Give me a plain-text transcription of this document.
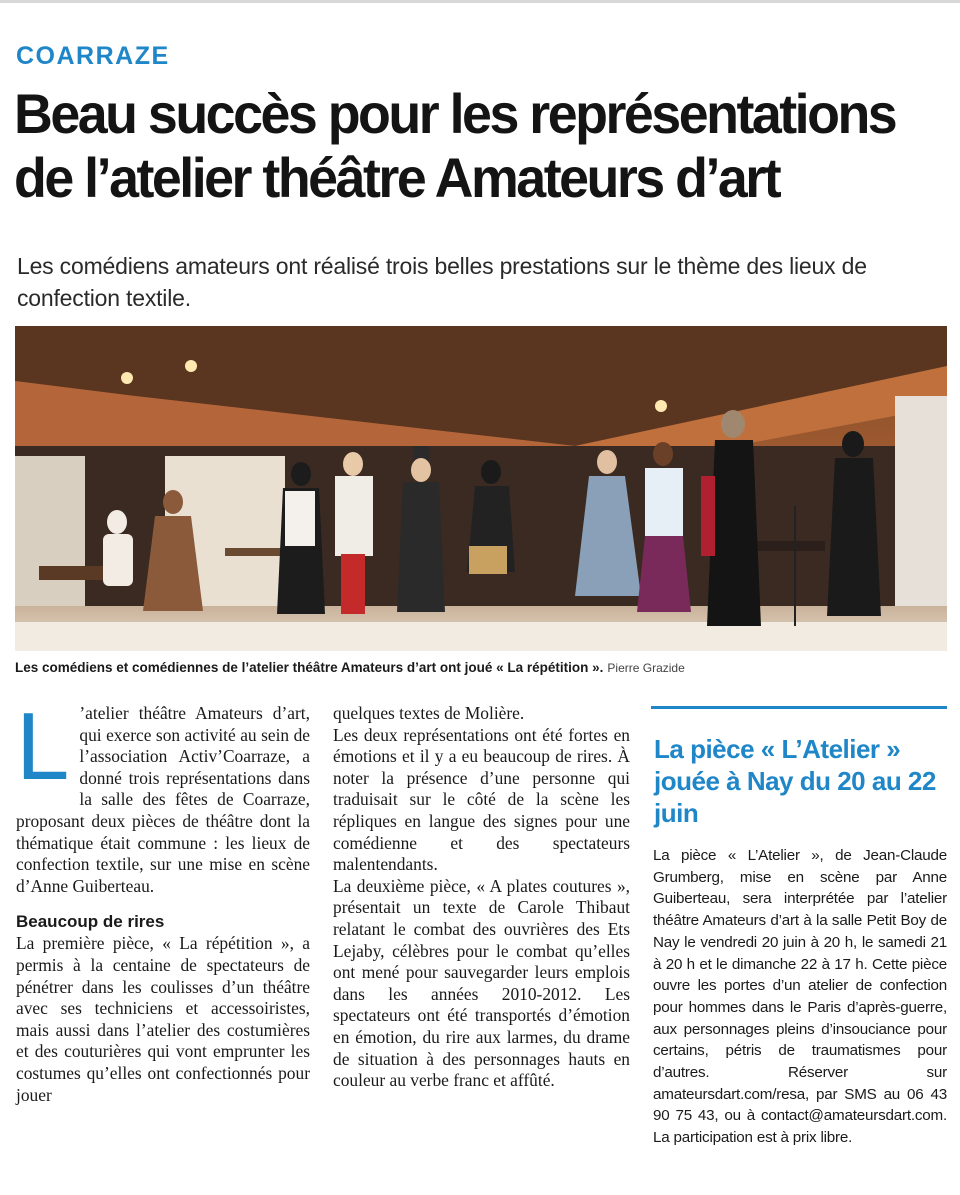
COARRAZE
Beau succès pour les représentations de l’atelier théâtre Amateurs d’art
Les comédiens amateurs ont réalisé trois belles prestations sur le thème des lieux de confection textile.
Les comédiens et comédiennes de l’atelier théâtre Amateurs d’art ont joué « La répétition ». Pierre Grazide
L ’atelier théâtre Amateurs d’art, qui exerce son activité au sein de l’association Activ’Coarraze, a donné trois représentations dans la salle des fêtes de Coarraze, proposant deux pièces de théâtre dont la thématique était commune : les lieux de confection textile, sur une mise en scène d’Anne Guiberteau.

Beaucoup de rires

La première pièce, « La répétition », a permis à la centaine de spectateurs de pénétrer dans les coulisses d’un théâtre avec ses techniciens et accessoiristes, mais aussi dans l’atelier des costumières et des couturières qui vont emprunter les costumes qu’elles ont confectionnés pour jouer

quelques textes de Molière.

Les deux représentations ont été fortes en émotions et il y a eu beaucoup de rires. À noter la présence d’une personne qui traduisait sur le côté de la scène les répliques en langue des signes pour une comédienne et des spectateurs malentendants.

La deuxième pièce, « A plates coutures », présentait un texte de Carole Thibaut relatant le combat des ouvrières des Ets Lejaby, célèbres pour le combat qu’elles ont mené pour sauvegarder leurs emplois dans les années 2010-2012. Les spectateurs ont été transportés d’émotion en émotion, du rire aux larmes, du drame de situation à des personnages hauts en couleur au verbe franc et affûté.

La pièce « L’Atelier » jouée à Nay du 20 au 22 juin
La pièce « L’Atelier », de Jean-Claude Grumberg, mise en scène par Anne Guiberteau, sera interprétée par l’atelier théâtre Amateurs d’art à la salle Petit Boy de Nay le vendredi 20 juin à 20 h, le samedi 21 à 20 h et le dimanche 22 à 17 h. Cette pièce ouvre les portes d’un atelier de confection pour hommes dans le Paris d’après-guerre, aux personnages pleins d’insouciance pour certains, pétris de traumatismes pour d’autres. Réserver sur amateursdart.com/resa, par SMS au 06 43 90 75 43, ou à contact@amateursdart.com. La participation est à prix libre.
